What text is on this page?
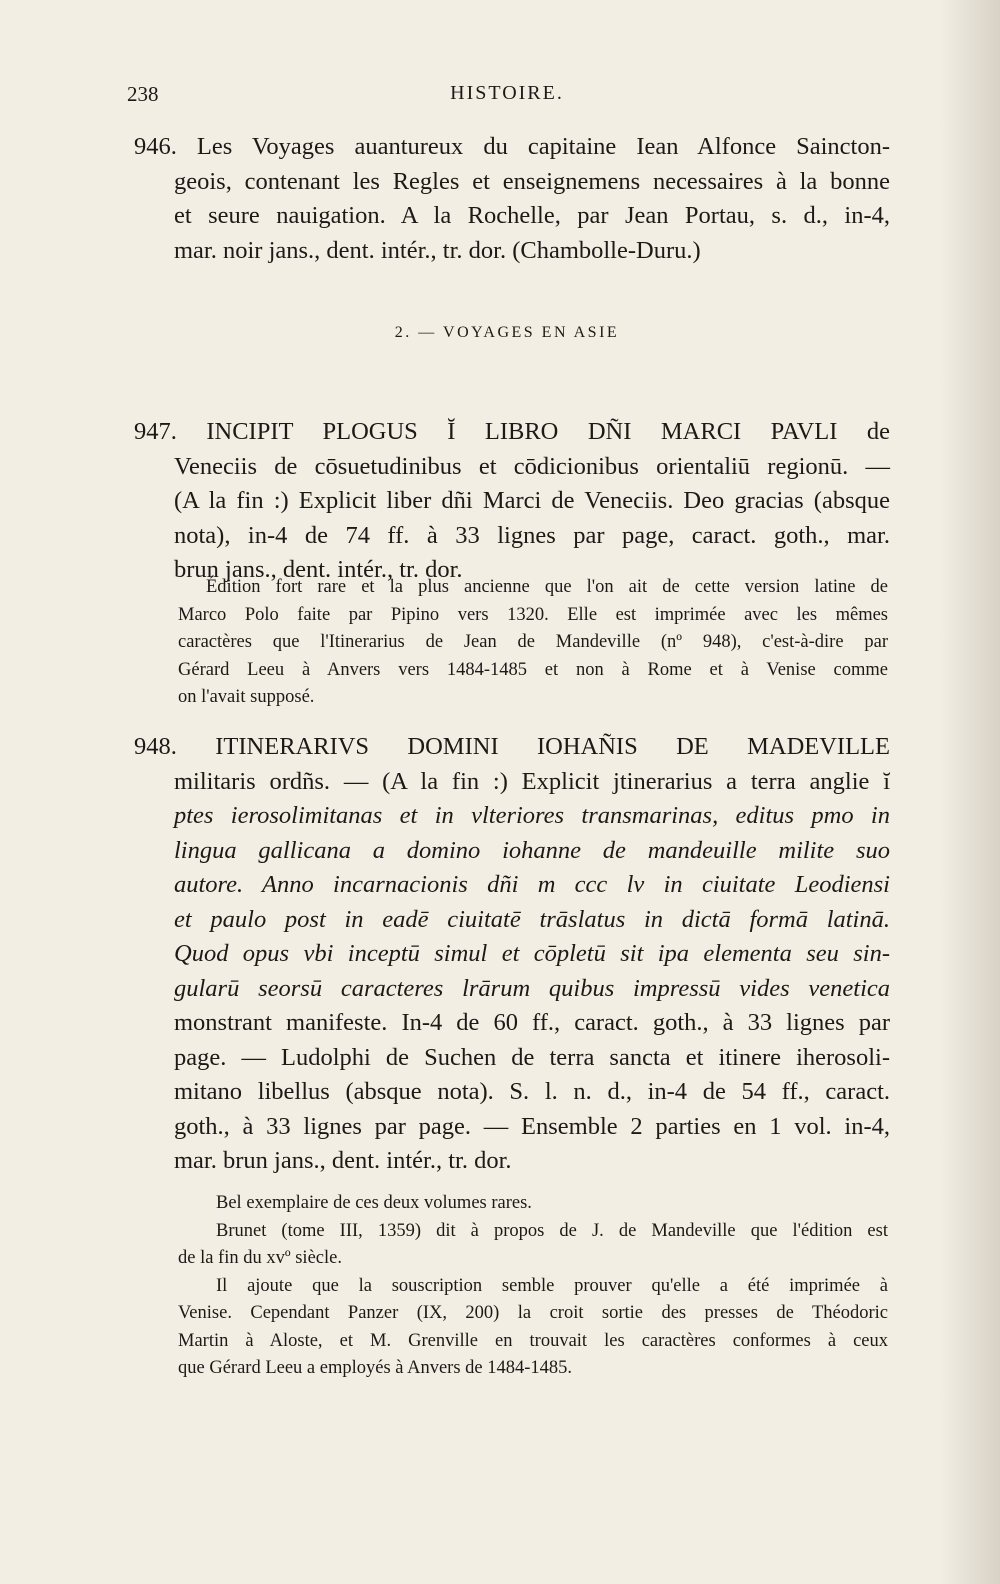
238	HISTOIRE.
946. Les Voyages auantureux du capitaine Iean Alfonce Saincton-
geois, contenant les Regles et enseignemens necessaires à la bonne
et seure nauigation. A la Rochelle, par Jean Portau, s. d., in-4,
mar. noir jans., dent. intér., tr. dor. (Chambolle-Duru.)
2. — VOYAGES EN ASIE
947. INCIPIT PLOGUS Ĭ LIBRO DÑI MARCI PAVLI de
Veneciis de cōsuetudinibus et cōdicionibus orientaliū regionū. —
(A la fin :) Explicit liber dñi Marci de Veneciis. Deo gracias (absque
nota), in-4 de 74 ff. à 33 lignes par page, caract. goth., mar.
brun jans., dent. intér., tr. dor.
Édition fort rare et la plus ancienne que l'on ait de cette version latine de
Marco Polo faite par Pipino vers 1320. Elle est imprimée avec les mêmes
caractères que l'Itinerarius de Jean de Mandeville (nº 948), c'est-à-dire par
Gérard Leeu à Anvers vers 1484-1485 et non à Rome et à Venise comme
on l'avait supposé.
948. ITINERARIVS DOMINI IOHAÑIS DE MADEVILLE
militaris ordñs. — (A la fin :) Explicit jtinerarius a terra anglie ĭ
ptes ierosolimitanas et in vlteriores transmarinas, editus pmo in
lingua gallicana a domino iohanne de mandeuille milite suo
autore. Anno incarnacionis dñi m ccc lv in ciuitate Leodiensi
et paulo post in eadē ciuitatē trāslatus in dictā formā latinā.
Quod opus vbi inceptū simul et cōpletū sit ipa elementa seu sin-
gularū seorsū caracteres lrārum quibus impressū vides venetica
monstrant manifeste. In-4 de 60 ff., caract. goth., à 33 lignes par
page. — Ludolphi de Suchen de terra sancta et itinere iherosoli-
mitano libellus (absque nota). S. l. n. d., in-4 de 54 ff., caract.
goth., à 33 lignes par page. — Ensemble 2 parties en 1 vol. in-4,
mar. brun jans., dent. intér., tr. dor.
Bel exemplaire de ces deux volumes rares.
Brunet (tome III, 1359) dit à propos de J. de Mandeville que l'édition est
de la fin du xvº siècle.
Il ajoute que la souscription semble prouver qu'elle a été imprimée à
Venise. Cependant Panzer (IX, 200) la croit sortie des presses de Théodoric
Martin à Aloste, et M. Grenville en trouvait les caractères conformes à ceux
que Gérard Leeu a employés à Anvers de 1484-1485.
